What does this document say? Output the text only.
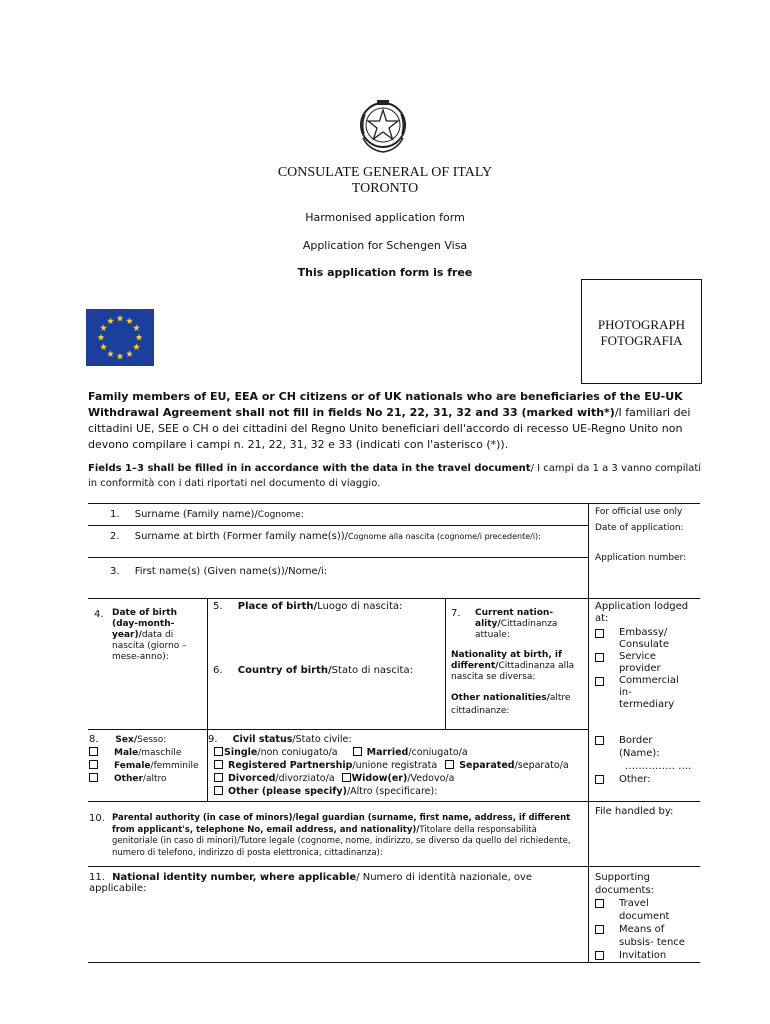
CONSULATE GENERAL OF ITALY
TORONTO
Harmonised application form
Application for Schengen Visa
This application form is free
PHOTOGRAPH
FOTOGRAFIA
Family members of EU, EEA or CH citizens or of UK nationals who are beneficiaries of the EU-UK Withdrawal Agreement shall not fill in fields No 21, 22, 31, 32 and 33 (marked with*)/I familiari dei cittadini UE, SEE o CH o dei cittadini del Regno Unito beneficiari dell'accordo di recesso UE-Regno Unito non devono compilare i campi n. 21, 22, 31, 32 e 33 (indicati con l'asterisco (*)).
Fields 1–3 shall be filled in in accordance with the data in the travel document/ I campi da 1 a 3 vanno compilati in conformità con i dati riportati nel documento di viaggio.
1. Surname (Family name)/Cognome:
2. Surname at birth (Former family name(s))/Cognome alla nascita (cognome/i precedente/i):
3. First name(s) (Given name(s))/Nome/i:
4. Date of birth (day-month-year)/data di nascita (giorno – mese-anno):
5. Place of birth/Luogo di nascita:
6. Country of birth/Stato di nascita:
7. Current nation-ality/Cittadinanza attuale:
Nationality at birth, if different/Cittadinanza alla nascita se diversa:
Other nationalities/altre cittadinanze:
8. Sex/Sesso:
Male/maschile
Female/femminile
Other/altro
9. Civil status/Stato civile:
Single/non coniugato/a	Married/coniugato/a
Registered Partnership/unione registrata Separated/separato/a
Divorced/divorziato/a Widow(er)/Vedovo/a
Other (please specify)/Altro (specificare):
10. Parental authority (in case of minors)/legal guardian (surname, first name, address, if different from applicant's, telephone No, email address, and nationality)/Titolare della responsabilità genitoriale (in caso di minori)/Tutore legale (cognome, nome, indirizzo, se diverso da quello del richiedente, numero di telefono, indirizzo di posta elettronica, cittadinanza):
11. National identity number, where applicable/ Numero di identità nazionale, ove applicabile:
For official use only
Date of application:
Application number:
Application lodged at:
Embassy/ Consulate
Service provider
Commercial in- termediary
Border (Name):
…………… ….
Other:
File handled by:
Supporting documents:
Travel document
Means of subsis- tence
Invitation
